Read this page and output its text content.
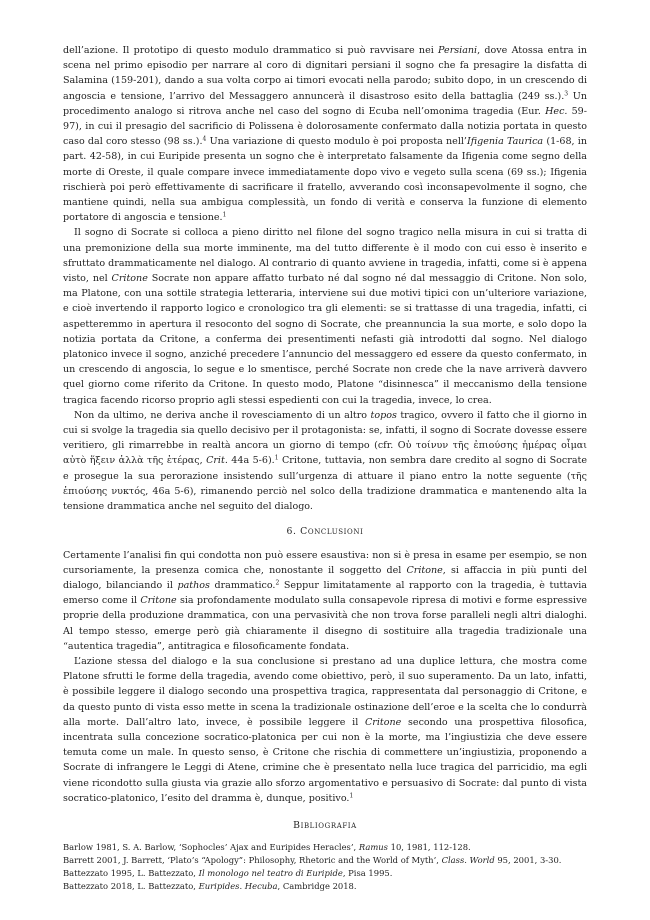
dell’azione. Il prototipo di questo modulo drammatico si può ravvisare nei Persiani, dove Atossa entra in scena nel primo episodio per narrare al coro di dignitari persiani il sogno che fa presagire la disfatta di Salamina (159-201), dando a sua volta corpo ai timori evocati nella parodo; subito dopo, in un crescendo di angoscia e tensione, l’arrivo del Messaggero annuncerà il disastroso esito della battaglia (249 ss.).$^3$ Un procedimento analogo si ritrova anche nel caso del sogno di Ecuba nell’omonima tragedia (Eur. Hec. 59-97), in cui il presagio del sacrificio di Polissena è dolorosamente confermato dalla notizia portata in questo caso dal coro stesso (98 ss.).$^4$ Una variazione di questo modulo è poi proposta nell’Ifigenia Taurica (1-68, in part. 42-58), in cui Euripide presenta un sogno che è interpretato falsamente da Ifigenia come segno della morte di Oreste, il quale compare invece immediatamente dopo vivo e vegeto sulla scena (69 ss.); Ifigenia rischierà poi però effettivamente di sacrificare il fratello, avverando così inconsapevolmente il sogno, che mantiene quindi, nella sua ambigua complessità, un fondo di verità e conserva la funzione di elemento portatore di angoscia e tensione.$^1$

Il sogno di Socrate si colloca a pieno diritto nel filone del sogno tragico nella misura in cui si tratta di una premonizione della sua morte imminente, ma del tutto differente è il modo con cui esso è inserito e sfruttato drammaticamente nel dialogo. Al contrario di quanto avviene in tragedia, infatti, come si è appena visto, nel Critone Socrate non appare affatto turbato né dal sogno né dal messaggio di Critone. Non solo, ma Platone, con una sottile strategia letteraria, interviene sui due motivi tipici con un’ulteriore variazione, e cioè invertendo il rapporto logico e cronologico tra gli elementi: se si trattasse di una tragedia, infatti, ci aspetteremmo in apertura il resoconto del sogno di Socrate, che preannuncia la sua morte, e solo dopo la notizia portata da Critone, a conferma dei presentimenti nefasti già introdotti dal sogno. Nel dialogo platonico invece il sogno, anziché precedere l’annuncio del messaggero ed essere da questo confermato, in un crescendo di angoscia, lo segue e lo smentisce, perché Socrate non crede che la nave arriverà davvero quel giorno come riferito da Critone. In questo modo, Platone “disinnesca” il meccanismo della tensione tragica facendo ricorso proprio agli stessi espedienti con cui la tragedia, invece, lo crea.

Non da ultimo, ne deriva anche il rovesciamento di un altro topos tragico, ovvero il fatto che il giorno in cui si svolge la tragedia sia quello decisivo per il protagonista: se, infatti, il sogno di Socrate dovesse essere veritiero, gli rimarrebbe in realtà ancora un giorno di tempo (cfr. Οὐ τοίνυν τῆς ἐπιούσης ἡμέρας οἶμαι αὐτὸ ἥξειν ἀλλὰ τῆς ἑτέρας, Crit. 44a 5-6).$^1$ Critone, tuttavia, non sembra dare credito al sogno di Socrate e prosegue la sua perorazione insistendo sull’urgenza di attuare il piano entro la notte seguente (τῆς ἐπιούσης νυκτός, 46a 5-6), rimanendo perciò nel solco della tradizione drammatica e mantenendo alta la tensione drammatica anche nel seguito del dialogo.

6. Conclusioni

Certamente l’analisi fin qui condotta non può essere esaustiva: non si è presa in esame per esempio, se non cursoriamente, la presenza comica che, nonostante il soggetto del Critone, si affaccia in più punti del dialogo, bilanciando il pathos drammatico.$^2$ Seppur limitatamente al rapporto con la tragedia, è tuttavia emerso come il Critone sia profondamente modulato sulla consapevole ripresa di motivi e forme espressive proprie della produzione drammatica, con una pervasività che non trova forse paralleli negli altri dialoghi. Al tempo stesso, emerge però già chiaramente il disegno di sostituire alla tragedia tradizionale una “autentica tragedia”, antitragica e filosoficamente fondata.

L’azione stessa del dialogo e la sua conclusione si prestano ad una duplice lettura, che mostra come Platone sfrutti le forme della tragedia, avendo come obiettivo, però, il suo superamento. Da un lato, infatti, è possibile leggere il dialogo secondo una prospettiva tragica, rappresentata dal personaggio di Critone, e da questo punto di vista esso mette in scena la tradizionale ostinazione dell’eroe e la scelta che lo condurrà alla morte. Dall’altro lato, invece, è possibile leggere il Critone secondo una prospettiva filosofica, incentrata sulla concezione socratico-platonica per cui non è la morte, ma l’ingiustizia che deve essere temuta come un male. In questo senso, è Critone che rischia di commettere un’ingiustizia, proponendo a Socrate di infrangere le Leggi di Atene, crimine che è presentato nella luce tragica del parricidio, ma egli viene ricondotto sulla giusta via grazie allo sforzo argomentativo e persuasivo di Socrate: dal punto di vista socratico-platonico, l’esito del dramma è, dunque, positivo.$^1$

Bibliografia
Barlow 1981, S. A. Barlow, ‘Sophocles’ Ajax and Euripides Heracles’, Ramus 10, 1981, 112-128.
Barrett 2001, J. Barrett, ‘Plato’s “Apology”: Philosophy, Rhetoric and the World of Myth’, Class. World 95, 2001, 3-30.
Battezzato 1995, L. Battezzato, Il monologo nel teatro di Euripide, Pisa 1995.
Battezzato 2018, L. Battezzato, Euripides. Hecuba, Cambridge 2018.
